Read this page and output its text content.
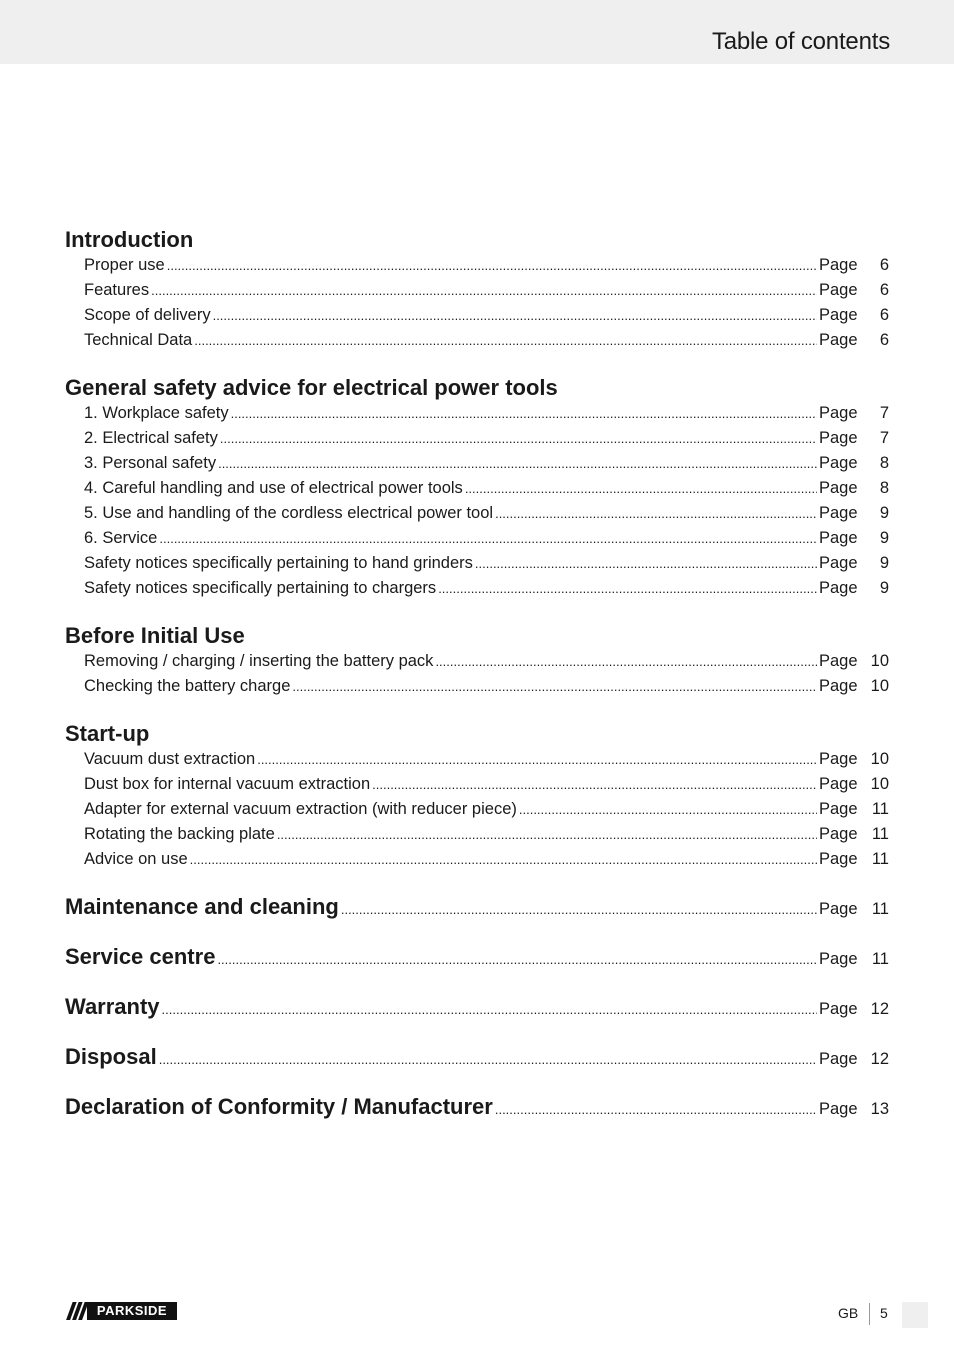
Table of contents
Introduction
Proper use .....	Page	6
Features .....	Page	6
Scope of delivery .....	Page	6
Technical Data .....	Page	6
General safety advice for electrical power tools
1. Workplace safety .....	Page	7
2. Electrical safety .....	Page	7
3. Personal safety .....	Page	8
4. Careful handling and use of electrical power tools .....	Page	8
5. Use and handling of the cordless electrical power tool .....	Page	9
6. Service .....	Page	9
Safety notices specifically pertaining to hand grinders .....	Page	9
Safety notices specifically pertaining to chargers .....	Page	9
Before Initial Use
Removing / charging / inserting the battery pack .....	Page 10
Checking the battery charge .....	Page 10
Start-up
Vacuum dust extraction .....	Page 10
Dust box for internal vacuum extraction .....	Page 10
Adapter for external vacuum extraction (with reducer piece) .....	Page 11
Rotating the backing plate .....	Page 11
Advice on use .....	Page 11
Maintenance and cleaning .....	Page 11
Service centre .....	Page 11
Warranty .....	Page 12
Disposal .....	Page 12
Declaration of Conformity / Manufacturer .....	Page 13
PARKSIDE	GB 5
